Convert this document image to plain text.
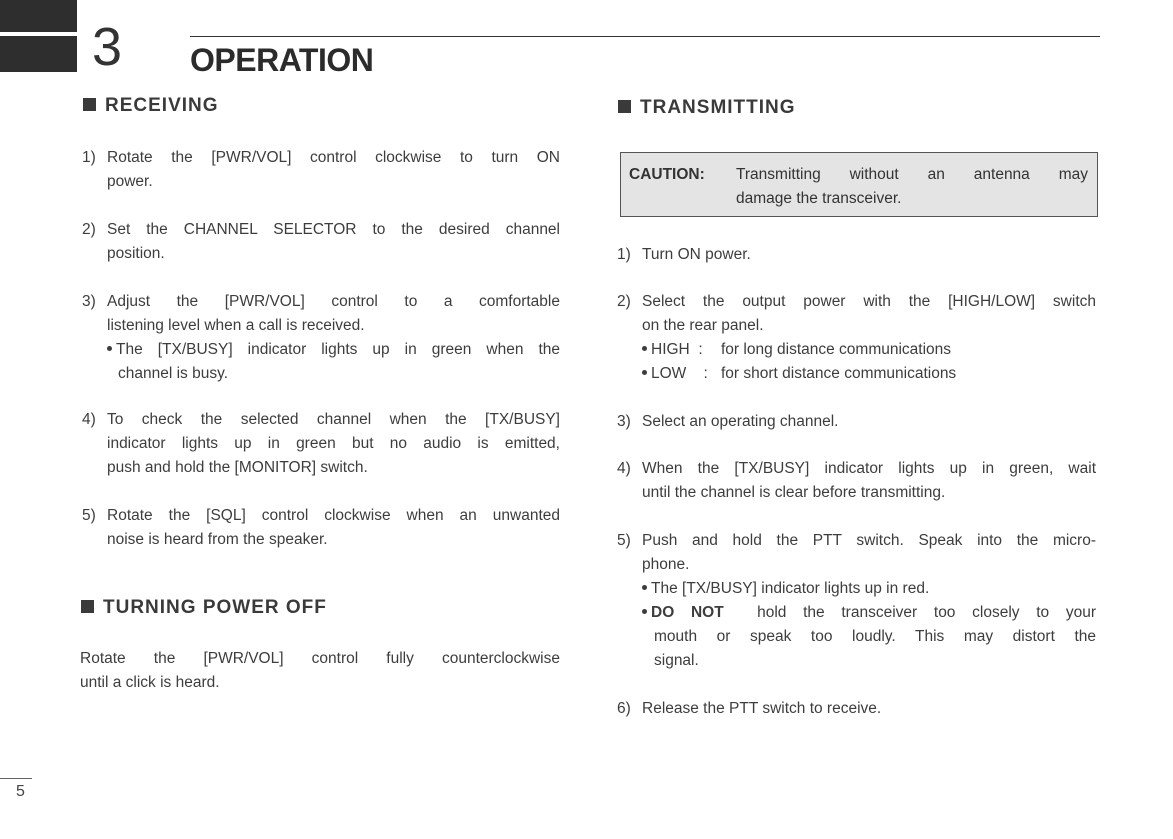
3 OPERATION
RECEIVING
1) Rotate the [PWR/VOL] control clockwise to turn ON
power.
2) Set the CHANNEL SELECTOR to the desired channel
position.
3) Adjust the [PWR/VOL] control to a comfortable
listening level when a call is received.
The [TX/BUSY] indicator lights up in green when the
channel is busy.
4) To check the selected channel when the [TX/BUSY]
indicator lights up in green but no audio is emitted,
push and hold the [MONITOR] switch.
5) Rotate the [SQL] control clockwise when an unwanted
noise is heard from the speaker.
TURNING POWER OFF
Rotate the [PWR/VOL] control fully counterclockwise
until a click is heard.
TRANSMITTING
CAUTION: Transmitting without an antenna may
damage the transceiver.
1) Turn ON power.
2) Select the output power with the [HIGH/LOW] switch
on the rear panel.
HIGH : for long distance communications
LOW : for short distance communications
3) Select an operating channel.
4) When the [TX/BUSY] indicator lights up in green, wait
until the channel is clear before transmitting.
5) Push and hold the PTT switch. Speak into the micro-
phone.
The [TX/BUSY] indicator lights up in red.
DO NOT hold the transceiver too closely to your
mouth or speak too loudly. This may distort the
signal.
6) Release the PTT switch to receive.
5
